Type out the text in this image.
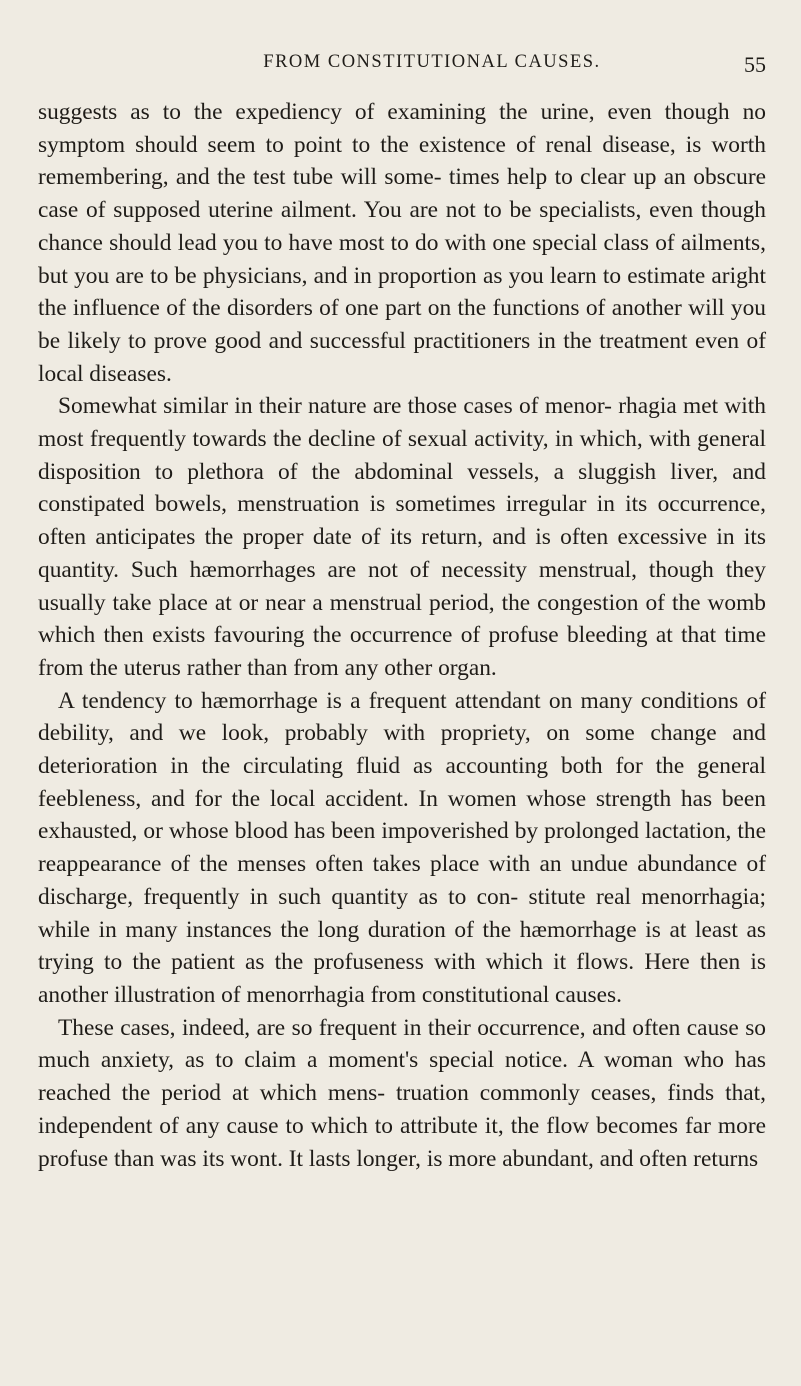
FROM CONSTITUTIONAL CAUSES.	55

suggests as to the expediency of examining the urine, even though no symptom should seem to point to the existence of renal disease, is worth remembering, and the test tube will some- times help to clear up an obscure case of supposed uterine ailment. You are not to be specialists, even though chance should lead you to have most to do with one special class of ailments, but you are to be physicians, and in proportion as you learn to estimate aright the influence of the disorders of one part on the functions of another will you be likely to prove good and successful practitioners in the treatment even of local diseases.

Somewhat similar in their nature are those cases of menor- rhagia met with most frequently towards the decline of sexual activity, in which, with general disposition to plethora of the abdominal vessels, a sluggish liver, and constipated bowels, menstruation is sometimes irregular in its occurrence, often anticipates the proper date of its return, and is often excessive in its quantity. Such hæmorrhages are not of necessity menstrual, though they usually take place at or near a menstrual period, the congestion of the womb which then exists favouring the occurrence of profuse bleeding at that time from the uterus rather than from any other organ.

A tendency to hæmorrhage is a frequent attendant on many conditions of debility, and we look, probably with propriety, on some change and deterioration in the circulating fluid as accounting both for the general feebleness, and for the local accident. In women whose strength has been exhausted, or whose blood has been impoverished by prolonged lactation, the reappearance of the menses often takes place with an undue abundance of discharge, frequently in such quantity as to con- stitute real menorrhagia; while in many instances the long duration of the hæmorrhage is at least as trying to the patient as the profuseness with which it flows. Here then is another illustration of menorrhagia from constitutional causes.

These cases, indeed, are so frequent in their occurrence, and often cause so much anxiety, as to claim a moment's special notice. A woman who has reached the period at which mens- truation commonly ceases, finds that, independent of any cause to which to attribute it, the flow becomes far more profuse than was its wont. It lasts longer, is more abundant, and often returns
